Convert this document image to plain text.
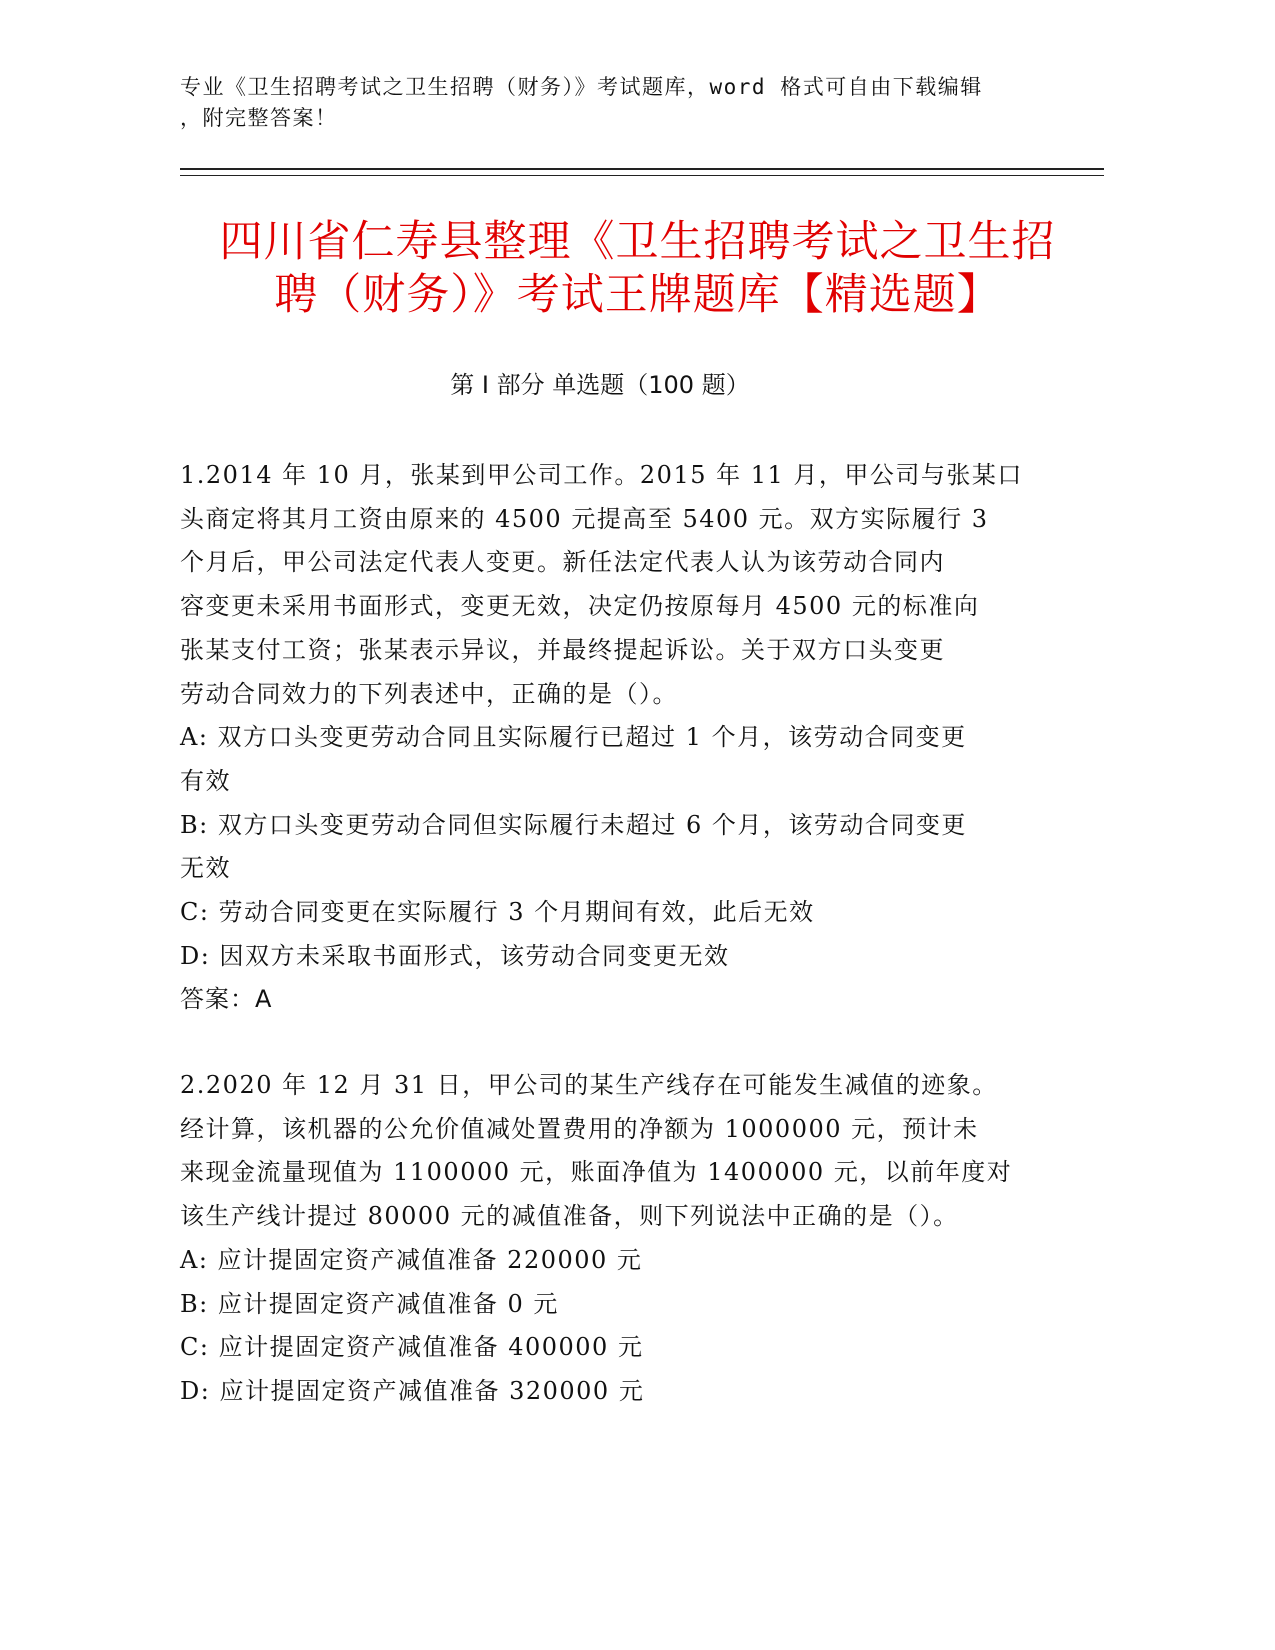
专业《卫生招聘考试之卫生招聘（财务）》考试题库，word 格式可自由下载编辑
，附完整答案！
四川省仁寿县整理《卫生招聘考试之卫生招
聘（财务）》考试王牌题库【精选题】
第 I 部分 单选题（100 题）
1.2014 年 10 月，张某到甲公司工作。2015 年 11 月，甲公司与张某口
头商定将其月工资由原来的 4500 元提高至 5400 元。双方实际履行 3
个月后，甲公司法定代表人变更。新任法定代表人认为该劳动合同内
容变更未采用书面形式，变更无效，决定仍按原每月 4500 元的标准向
张某支付工资；张某表示异议，并最终提起诉讼。关于双方口头变更
劳动合同效力的下列表述中，正确的是（）。
A: 双方口头变更劳动合同且实际履行已超过 1 个月，该劳动合同变更
有效
B: 双方口头变更劳动合同但实际履行未超过 6 个月，该劳动合同变更
无效
C: 劳动合同变更在实际履行 3 个月期间有效，此后无效
D: 因双方未采取书面形式，该劳动合同变更无效
答案：A
2.2020 年 12 月 31 日，甲公司的某生产线存在可能发生减值的迹象。
经计算，该机器的公允价值减处置费用的净额为 1000000 元，预计未
来现金流量现值为 1100000 元，账面净值为 1400000 元，以前年度对
该生产线计提过 80000 元的减值准备，则下列说法中正确的是（）。
A: 应计提固定资产减值准备 220000 元
B: 应计提固定资产减值准备 0 元
C: 应计提固定资产减值准备 400000 元
D: 应计提固定资产减值准备 320000 元
